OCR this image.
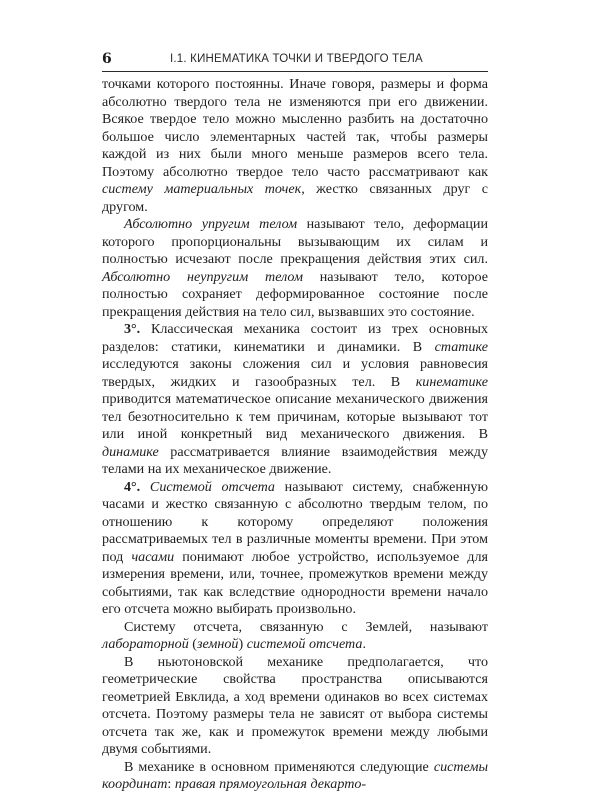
6	I.1. КИНЕМАТИКА ТОЧКИ И ТВЕРДОГО ТЕЛА

точками которого постоянны. Иначе говоря, размеры и форма абсолютно твердого тела не изменяются при его движении. Всякое твердое тело можно мысленно разбить на достаточно большое число элементарных частей так, чтобы размеры каждой из них были много меньше размеров всего тела. Поэтому абсолютно твердое тело часто рассматривают как систему материальных точек, жестко связанных друг с другом.

Абсолютно упругим телом называют тело, деформации которого пропорциональны вызывающим их силам и полностью исчезают после прекращения действия этих сил. Абсолютно неупругим телом называют тело, которое полностью сохраняет деформированное состояние после прекращения действия на тело сил, вызвавших это состояние.

3°. Классическая механика состоит из трех основных разделов: статики, кинематики и динамики. В статике исследуются законы сложения сил и условия равновесия твердых, жидких и газообразных тел. В кинематике приводится математическое описание механического движения тел безотносительно к тем причинам, которые вызывают тот или иной конкретный вид механического движения. В динамике рассматривается влияние взаимодействия между телами на их механическое движение.

4°. Системой отсчета называют систему, снабженную часами и жестко связанную с абсолютно твердым телом, по отношению к которому определяют положения рассматриваемых тел в различные моменты времени. При этом под часами понимают любое устройство, используемое для измерения времени, или, точнее, промежутков времени между событиями, так как вследствие однородности времени начало его отсчета можно выбирать произвольно.

Систему отсчета, связанную с Землей, называют лабораторной (земной) системой отсчета.

В ньютоновской механике предполагается, что геометрические свойства пространства описываются геометрией Евклида, а ход времени одинаков во всех системах отсчета. Поэтому размеры тела не зависят от выбора системы отсчета так же, как и промежуток времени между любыми двумя событиями.

В механике в основном применяются следующие системы координат: правая прямоугольная декарто-
